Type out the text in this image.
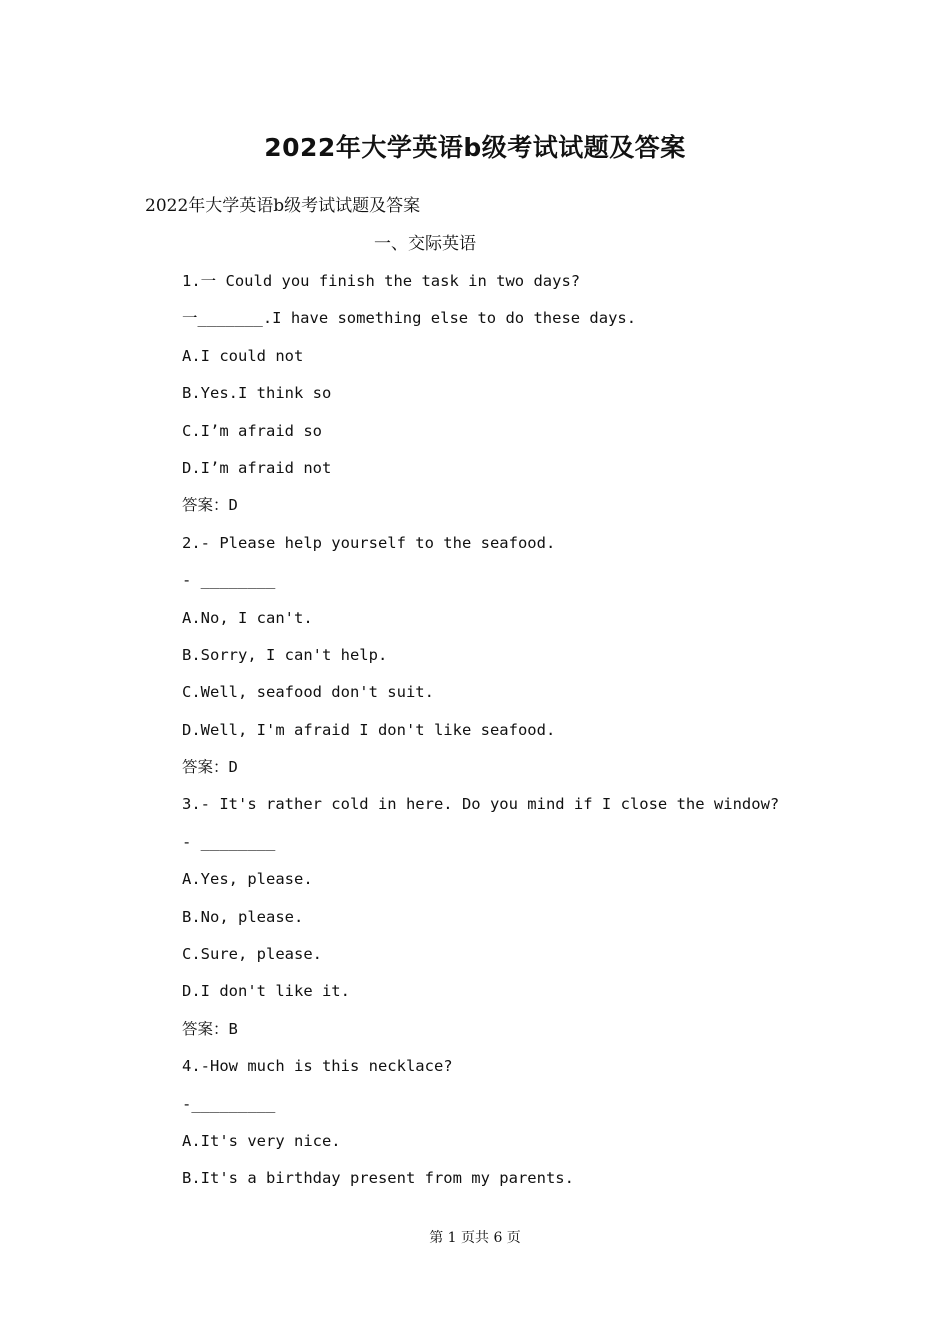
2022年大学英语b级考试试题及答案
2022年大学英语b级考试试题及答案
一、交际英语
1.一 Could you finish the task in two days?
一_______.I have something else to do these days.
A.I could not
B.Yes.I think so
C.I’m afraid so
D.I’m afraid not
答案：D
2.- Please help yourself to the seafood.
- ________
A.No, I can't.
B.Sorry, I can't help.
C.Well, seafood don't suit.
D.Well, I'm afraid I don't like seafood.
答案：D
3.- It's rather cold in here. Do you mind if I close the window?
- ________
A.Yes, please.
B.No, please.
C.Sure, please.
D.I don't like it.
答案：B
4.-How much is this necklace?
-_________
A.It's very nice.
B.It's a birthday present from my parents.
第 1 页共 6 页
